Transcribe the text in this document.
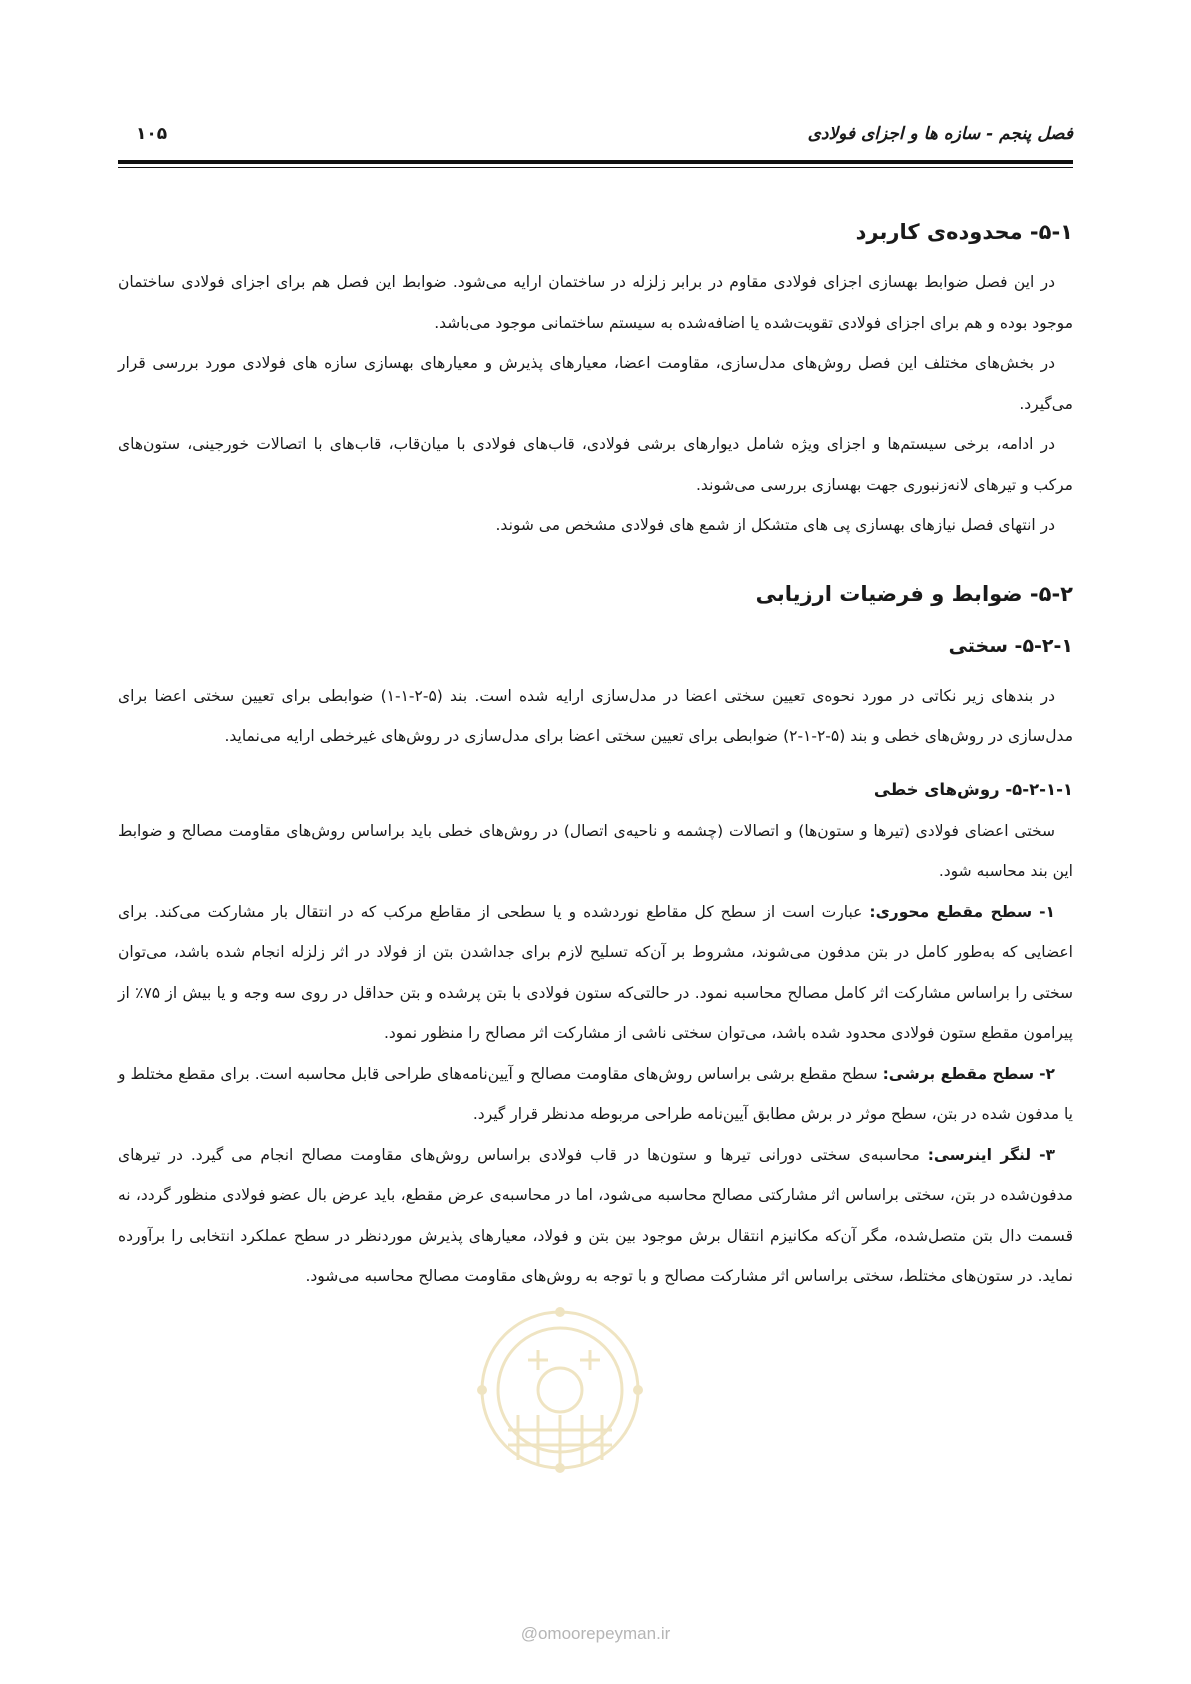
فصل پنجم - سازه ها و اجزای فولادی
۱۰۵
۵-۱- محدوده‌ی کاربرد

در این فصل ضوابط بهسازی اجزای فولادی مقاوم در برابر زلزله در ساختمان ارایه می‌شود. ضوابط این فصل هم برای اجزای فولادی ساختمان موجود بوده و هم برای اجزای فولادی تقویت‌شده یا اضافه‌شده به سیستم ساختمانی موجود می‌باشد.

در بخش‌های مختلف این فصل روش‌های مدل‌سازی، مقاومت اعضا، معیارهای پذیرش و معیارهای بهسازی سازه های فولادی مورد بررسی قرار می‌گیرد.

در ادامه، برخی سیستم‌ها و اجزای ویژه شامل دیوارهای برشی فولادی، قاب‌های فولادی با میان‌قاب، قاب‌های با اتصالات خورجینی، ستون‌های مرکب و تیرهای لانه‌زنبوری جهت بهسازی بررسی می‌شوند.

در انتهای فصل نیازهای بهسازی پی های متشکل از شمع های فولادی مشخص می شوند.

۵-۲- ضوابط و فرضیات ارزیابی
۵-۲-۱- سختی

در بندهای زیر نکاتی در مورد نحوه‌ی تعیین سختی اعضا در مدل‌سازی ارایه شده است. بند (۵-۲-۱-۱) ضوابطی برای تعیین سختی اعضا برای مدل‌سازی در روش‌های خطی و بند (۵-۲-۱-۲) ضوابطی برای تعیین سختی اعضا برای مدل‌سازی در روش‌های غیرخطی ارایه می‌نماید.

۵-۲-۱-۱- روش‌های خطی

سختی اعضای فولادی (تیرها و ستون‌ها) و اتصالات (چشمه و ناحیه‌ی اتصال) در روش‌های خطی باید براساس روش‌های مقاومت مصالح و ضوابط این بند محاسبه شود.

۱- سطح مقطع محوری: عبارت است از سطح کل مقاطع نوردشده و یا سطحی از مقاطع مرکب که در انتقال بار مشارکت می‌کند. برای اعضایی که به‌طور کامل در بتن مدفون می‌شوند، مشروط بر آن‌که تسلیح لازم برای جداشدن بتن از فولاد در اثر زلزله انجام شده باشد، می‌توان سختی را براساس مشارکت اثر کامل مصالح محاسبه نمود. در حالتی‌که ستون فولادی با بتن پرشده و بتن حداقل در روی سه وجه و یا بیش از ۷۵٪ از پیرامون مقطع ستون فولادی محدود شده باشد، می‌توان سختی ناشی از مشارکت اثر مصالح را منظور نمود.

۲- سطح مقطع برشی: سطح مقطع برشی براساس روش‌های مقاومت مصالح و آیین‌نامه‌های طراحی قابل محاسبه است. برای مقطع مختلط و یا مدفون شده در بتن، سطح موثر در برش مطابق آیین‌نامه طراحی مربوطه مدنظر قرار گیرد.

۳- لنگر اینرسی: محاسبه‌ی سختی دورانی تیرها و ستون‌ها در قاب فولادی براساس روش‌های مقاومت مصالح انجام می گیرد. در تیرهای مدفون‌شده در بتن، سختی براساس اثر مشارکتی مصالح محاسبه می‌شود، اما در محاسبه‌ی عرض مقطع، باید عرض بال عضو فولادی منظور گردد، نه قسمت دال بتن متصل‌شده، مگر آن‌که مکانیزم انتقال برش موجود بین بتن و فولاد، معیارهای پذیرش موردنظر در سطح عملکرد انتخابی را برآورده نماید. در ستون‌های مختلط، سختی براساس اثر مشارکت مصالح و با توجه به روش‌های مقاومت مصالح محاسبه می‌شود.

@omoorepeyman.ir
